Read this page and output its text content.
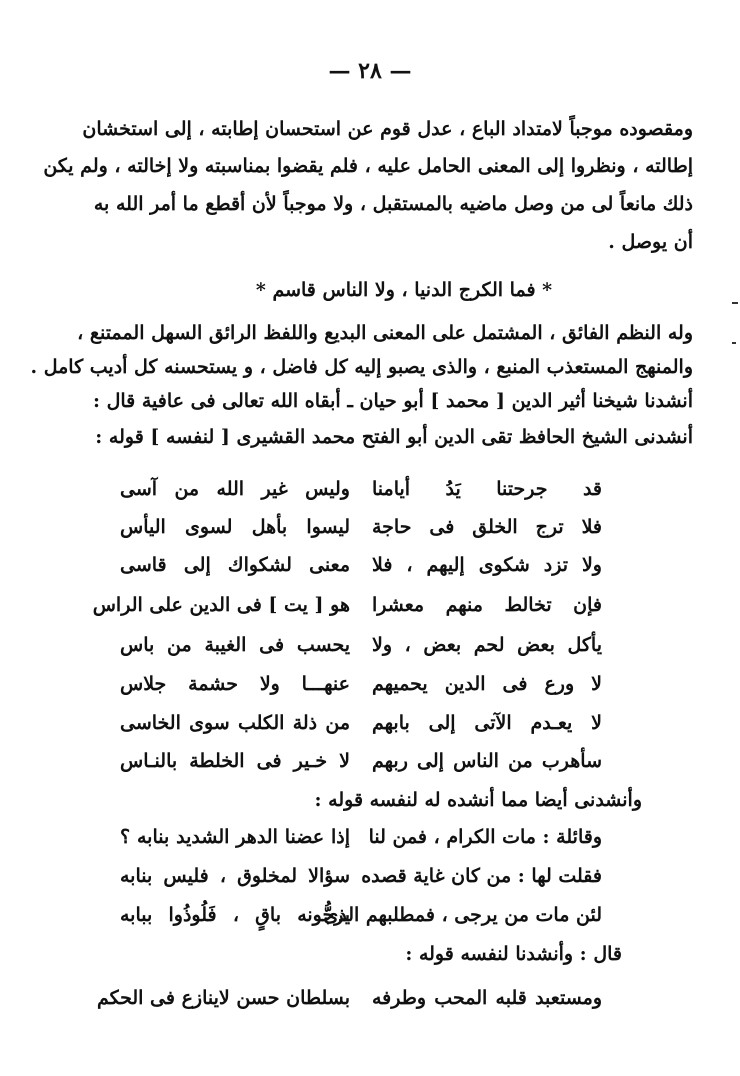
— ٢٨ —
ومقصوده موجباً لامتداد الباع ، عدل قوم عن استحسان إطابته ، إلى استخشان
إطالته ، ونظروا إلى المعنى الحامل عليه ، فلم يقضوا بمناسبته ولا إخالته ، ولم يكن
ذلك مانعاً لى من وصل ماضيه بالمستقبل ، ولا موجباً لأن أقطع ما أمر الله به
أن يوصل .
* فما الكرج الدنيا ، ولا الناس قاسم *
وله النظم الفائق ، المشتمل على المعنى البديع واللفظ الرائق السهل الممتنع ،
والمنهج المستعذب المنبع ، والذى يصبو إليه كل فاضل ، و يستحسنه كل أديب كامل .
أنشدنا شيخنا أثير الدين [ محمد ] أبو حيان ـ أبقاه الله تعالى فى عافية قال :
أنشدنى الشيخ الحافظ تقى الدين أبو الفتح محمد القشيرى [ لنفسه ] قوله :
قد جرحتنا يَدُ أيامنا
وليس غير الله من آسى
فلا ترج الخلق فى حاجة
ليسوا بأهل لسوى اليأس
ولا تزد شكوى إليهم ، فلا
معنى لشكواك إلى قاسى
فإن تخالط منهم معشرا
هو [ يت ] فى الدين على الراس
يأكل بعض لحم بعض ، ولا
يحسب فى الغيبة من باس
لا ورع فى الدين يحميهم
عنهـــا ولا حشمة جلاس
لا يعـدم الآتى إلى بابهم
من ذلة الكلب سوى الخاسى
سأهرب من الناس إلى ربهم
لا خـير فى الخلطة بالنـاس
وأنشدنى أيضا مما أنشده له لنفسه قوله :
وقائلة : مات الكرام ، فمن لنا
إذا عضنا الدهر الشديد بنابه ؟
فقلت لها : من كان غاية قصده
سؤالا لمخلوق ، فليس بنابه
لئن مات من يرجى ، فمطلبهم الذى
يرجُّونه باقٍ ، فَلُوذُوا ببابه
قال : وأنشدنا لنفسه قوله :
ومستعبد قلبه المحب وطرفه
بسلطان حسن لاينازع فى الحكم
